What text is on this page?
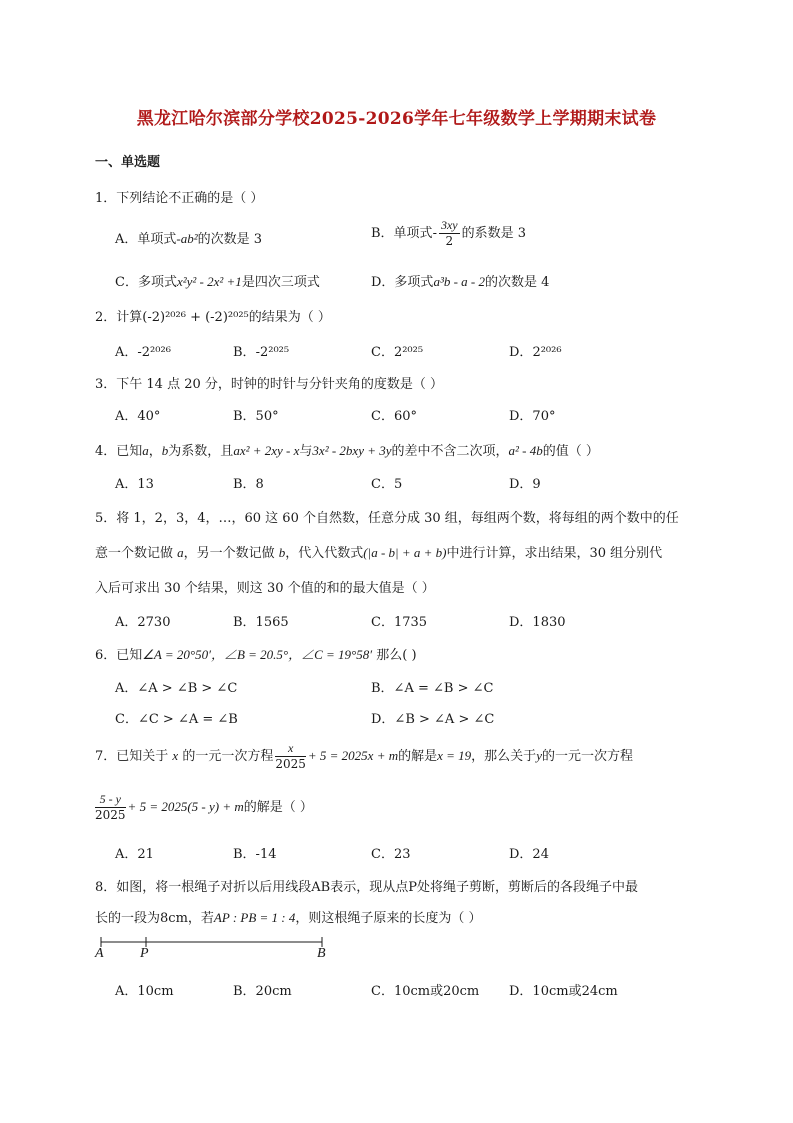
黑龙江哈尔滨部分学校2025-2026学年七年级数学上学期期末试卷
一、单选题
1．下列结论不正确的是（ ）
A．单项式-ab²的次数是 3	B．单项式- $\frac{3xy}{2}$ 的系数是 3
C．多项式x²y² - 2x² +1是四次三项式	D．多项式a³b - a - 2的次数是 4
2．计算(-2)²⁰²⁶ + (-2)²⁰²⁵的结果为（ ）
A．-2²⁰²⁶	B．-2²⁰²⁵	C．2²⁰²⁵	D．2²⁰²⁶
3．下午 14 点 20 分，时钟的时针与分针夹角的度数是（ ）
A．40°	B．50°	C．60°	D．70°
4．已知a，b为系数，且ax² + 2xy - x与3x² - 2bxy + 3y的差中不含二次项，a² - 4b的值（ ）
A．13	B．8	C．5	D．9
5．将 1，2，3，4，…，60 这 60 个自然数，任意分成 30 组，每组两个数，将每组的两个数中的任
意一个数记做 a，另一个数记做 b，代入代数式(|a - b| + a + b)中进行计算，求出结果，30 组分别代
入后可求出 30 个结果，则这 30 个值的和的最大值是（ ）
A．2730	B．1565	C．1735	D．1830
6．已知∠A = 20°50′，∠B = 20.5°，∠C = 19°58′ 那么( )
A．∠A > ∠B > ∠C	B．∠A = ∠B > ∠C
C．∠C > ∠A = ∠B	D．∠B > ∠A > ∠C
7．已知关于 x 的一元一次方程 $\frac{x}{2025} + 5 = 2025x + m$的解是x = 19，那么关于y的一元一次方程
$\frac{5 - y}{2025} + 5 = 2025(5 - y) + m$的解是（ ）
A．21	B．-14	C．23	D．24
8．如图，将一根绳子对折以后用线段AB表示，现从点P处将绳子剪断，剪断后的各段绳子中最
长的一段为8cm，若AP : PB = 1 : 4，则这根绳子原来的长度为（ ）
A	P	B
A．10cm	B．20cm	C．10cm或20cm D．10cm或24cm
